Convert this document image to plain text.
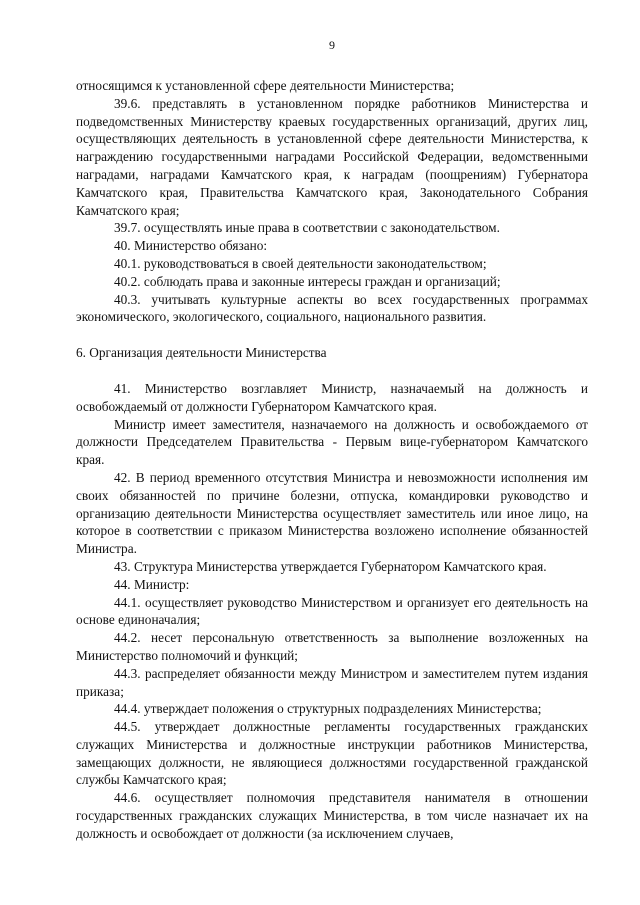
9

относящимся к установленной сфере деятельности Министерства;

39.6. представлять в установленном порядке работников Министерства и подведомственных Министерству краевых государственных организаций, других лиц, осуществляющих деятельность в установленной сфере деятельности Министерства, к награждению государственными наградами Российской Федерации, ведомственными наградами, наградами Камчатского края, к наградам (поощрениям) Губернатора Камчатского края, Правительства Камчатского края, Законодательного Собрания Камчатского края;

39.7. осуществлять иные права в соответствии с законодательством.

40. Министерство обязано:

40.1. руководствоваться в своей деятельности законодательством;

40.2. соблюдать права и законные интересы граждан и организаций;

40.3. учитывать культурные аспекты во всех государственных программах экономического, экологического, социального, национального развития.

6. Организация деятельности Министерства

41. Министерство возглавляет Министр, назначаемый на должность и освобождаемый от должности Губернатором Камчатского края.

Министр имеет заместителя, назначаемого на должность и освобождаемого от должности Председателем Правительства - Первым вице-губернатором Камчатского края.

42. В период временного отсутствия Министра и невозможности исполнения им своих обязанностей по причине болезни, отпуска, командировки руководство и организацию деятельности Министерства осуществляет заместитель или иное лицо, на которое в соответствии с приказом Министерства возложено исполнение обязанностей Министра.

43. Структура Министерства утверждается Губернатором Камчатского края.

44. Министр:

44.1. осуществляет руководство Министерством и организует его деятельность на основе единоначалия;

44.2. несет персональную ответственность за выполнение возложенных на Министерство полномочий и функций;

44.3. распределяет обязанности между Министром и заместителем путем издания приказа;

44.4. утверждает положения о структурных подразделениях Министерства;

44.5. утверждает должностные регламенты государственных гражданских служащих Министерства и должностные инструкции работников Министерства, замещающих должности, не являющиеся должностями государственной гражданской службы Камчатского края;

44.6. осуществляет полномочия представителя нанимателя в отношении государственных гражданских служащих Министерства, в том числе назначает их на должность и освобождает от должности (за исключением случаев,
